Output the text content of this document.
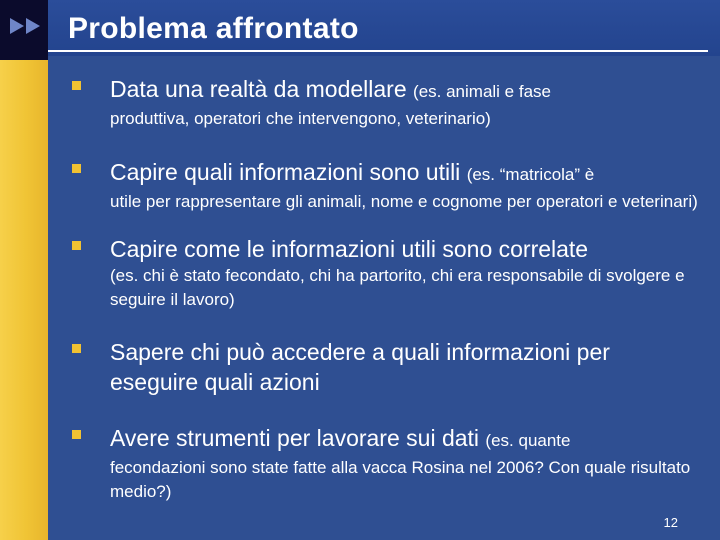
Problema affrontato
Data una realtà da modellare (es. animali e fase
produttiva, operatori che intervengono, veterinario)
Capire quali informazioni sono utili (es. “matricola” è
utile per rappresentare gli animali, nome e cognome per operatori e veterinari)
Capire come le informazioni utili sono correlate
(es. chi è stato fecondato, chi ha partorito, chi era responsabile di svolgere e seguire il lavoro)
Sapere chi può accedere a quali informazioni per eseguire quali azioni
Avere strumenti per lavorare sui dati (es. quante
fecondazioni sono state fatte alla vacca Rosina nel 2006? Con quale risultato medio?)
12
